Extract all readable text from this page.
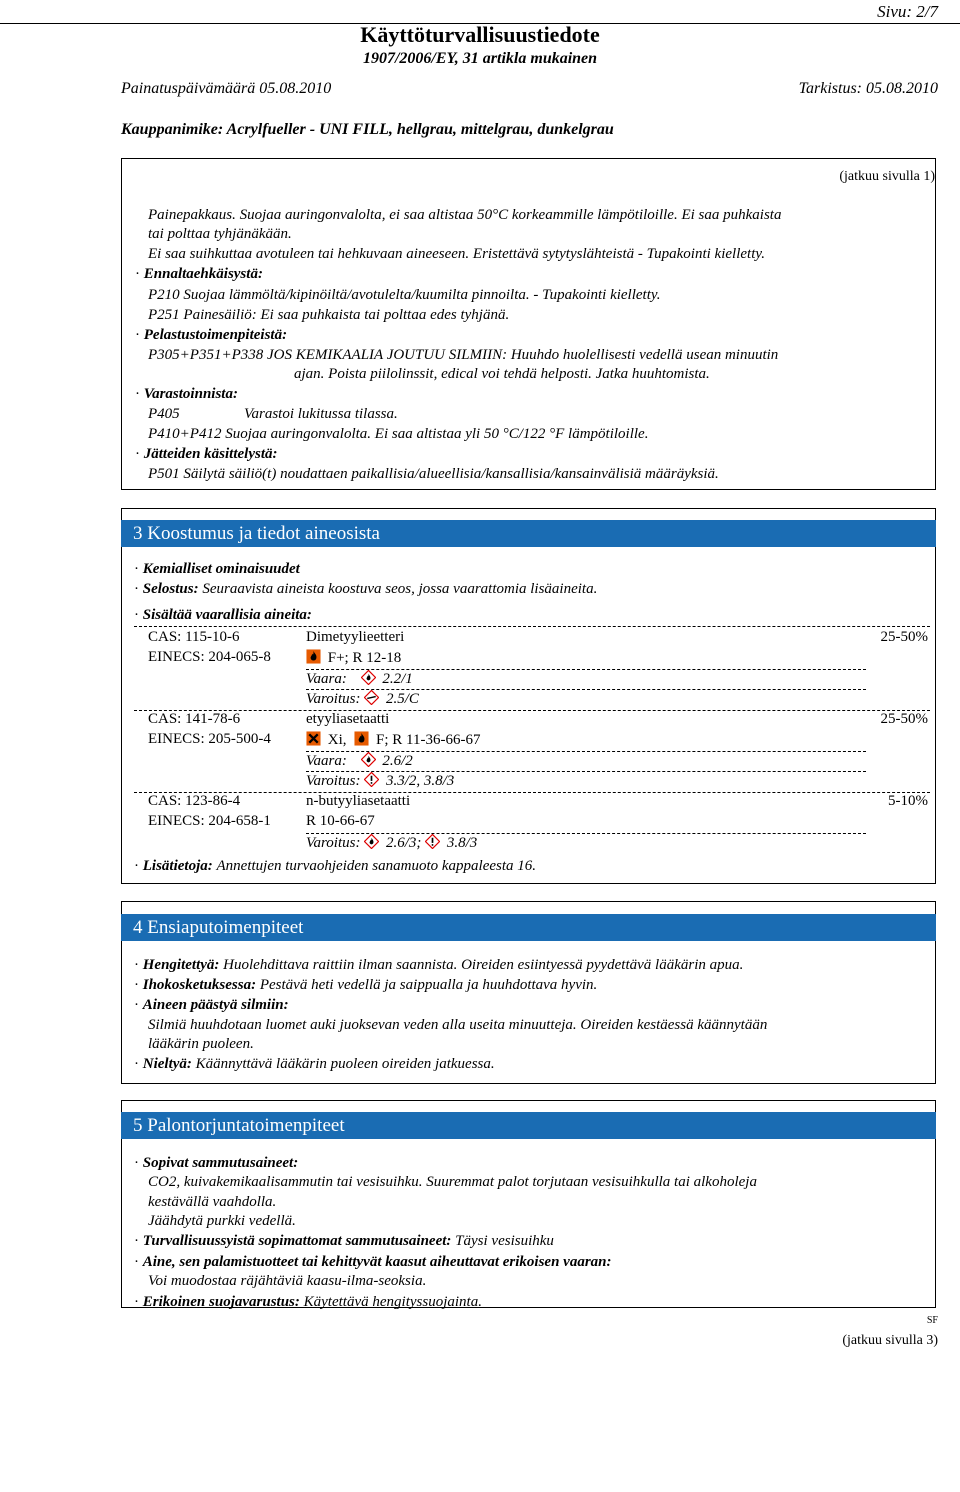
Sivu: 2/7
Käyttöturvallisuustiedote
1907/2006/EY, 31 artikla mukainen
Painatuspäivämäärä 05.08.2010	Tarkistus: 05.08.2010
Kauppanimike: Acrylfueller - UNI FILL, hellgrau, mittelgrau, dunkelgrau
(jatkuu sivulla 1)
Painepakkaus. Suojaa auringonvalolta, ei saa altistaa 50°C korkeammille lämpötiloille. Ei saa puhkaista
tai polttaa tyhjänäkään.
Ei saa suihkuttaa avotuleen tai hehkuvaan aineeseen. Eristettävä sytytyslähteistä - Tupakointi kielletty.
· Ennaltaehkäisystä:
P210 Suojaa lämmöltä/kipinöiltä/avotulelta/kuumilta pinnoilta. - Tupakointi kielletty.
P251 Painesäiliö: Ei saa puhkaista tai polttaa edes tyhjänä.
· Pelastustoimenpiteistä:
P305+P351+P338 JOS KEMIKAALIA JOUTUU SILMIIN: Huuhdo huolellisesti vedellä usean minuutin
ajan. Poista piilolinssit, edical voi tehdä helposti. Jatka huuhtomista.
· Varastoinnista:
P405	Varastoi lukitussa tilassa.
P410+P412 Suojaa auringonvalolta. Ei saa altistaa yli 50 °C/122 °F lämpötiloille.
· Jätteiden käsittelystä:
P501 Säilytä säiliö(t) noudattaen paikallisia/alueellisia/kansallisia/kansainvälisiä määräyksiä.
3 Koostumus ja tiedot aineosista
· Kemialliset ominaisuudet
· Selostus: Seuraavista aineista koostuva seos, jossa vaarattomia lisäaineita.
· Sisältää vaarallisia aineita:
CAS: 115-10-6	Dimetyylieetteri	25-50%
EINECS: 204-065-8	F+; R 12-18
Vaara: 2.2/1
Varoitus: 2.5/C
CAS: 141-78-6	etyyliasetaatti	25-50%
EINECS: 205-500-4	Xi, F; R 11-36-66-67
Vaara: 2.6/2
Varoitus: 3.3/2, 3.8/3
CAS: 123-86-4	n-butyyliasetaatti	5-10%
EINECS: 204-658-1 R 10-66-67
Varoitus: 2.6/3; 3.8/3
· Lisätietoja: Annettujen turvaohjeiden sanamuoto kappaleesta 16.
4 Ensiaputoimenpiteet
· Hengitettyä: Huolehdittava raittiin ilman saannista. Oireiden esiintyessä pyydettävä lääkärin apua.
· Ihokosketuksessa: Pestävä heti vedellä ja saippualla ja huuhdottava hyvin.
· Aineen päästyä silmiin:
Silmiä huuhdotaan luomet auki juoksevan veden alla useita minuutteja. Oireiden kestäessä käännytään
lääkärin puoleen.
· Nieltyä: Käännyttävä lääkärin puoleen oireiden jatkuessa.
5 Palontorjuntatoimenpiteet
· Sopivat sammutusaineet:
CO2, kuivakemikaalisammutin tai vesisuihku. Suuremmat palot torjutaan vesisuihkulla tai alkoholeja
kestävällä vaahdolla.
Jäähdytä purkki vedellä.
· Turvallisuussyistä sopimattomat sammutusaineet: Täysi vesisuihku
· Aine, sen palamistuotteet tai kehittyvät kaasut aiheuttavat erikoisen vaaran:
Voi muodostaa räjähtäviä kaasu-ilma-seoksia.
· Erikoinen suojavarustus: Käytettävä hengityssuojainta.
SF
(jatkuu sivulla 3)
